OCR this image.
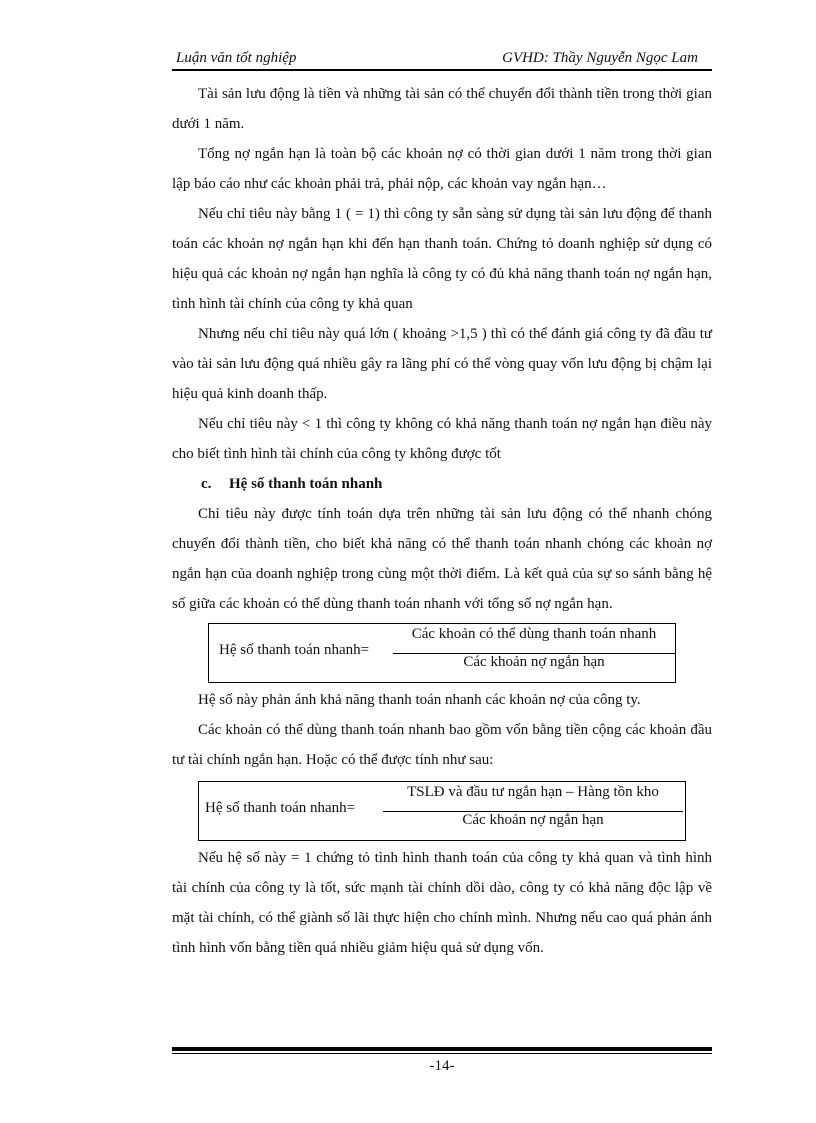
Luận văn tốt nghiệp	GVHD: Thầy Nguyễn Ngọc Lam

Tài sản lưu động là tiền và những tài sản có thể chuyển đổi thành tiền trong thời gian dưới 1 năm.

Tổng nợ ngắn hạn là toàn bộ các khoản nợ có thời gian dưới 1 năm trong thời gian lập báo cáo như các khoản phải trả, phải nộp, các khoản vay ngắn hạn…

Nếu chỉ tiêu này bằng 1 ( = 1) thì công ty sẵn sàng sử dụng tài sản lưu động để thanh toán các khoản nợ ngắn hạn khi đến hạn thanh toán. Chứng tỏ doanh nghiệp sử dụng có hiệu quả các khoản nợ ngắn hạn nghĩa là công ty có đủ khả năng thanh toán nợ ngắn hạn, tình hình tài chính của công ty khả quan

Nhưng nếu chỉ tiêu này quá lớn ( khoảng >1,5 ) thì có thể đánh giá công ty đã đầu tư vào tài sản lưu động quá nhiều gây ra lãng phí có thể vòng quay vốn lưu động bị chậm lại hiệu quả kinh doanh thấp.

Nếu chỉ tiêu này < 1 thì công ty không có khả năng thanh toán nợ ngắn hạn điều này cho biết tình hình tài chính của công ty không được tốt

c. Hệ số thanh toán nhanh

Chỉ tiêu này được tính toán dựa trên những tài sản lưu động có thể nhanh chóng chuyển đổi thành tiền, cho biết khả năng có thể thanh toán nhanh chóng các khoản nợ ngắn hạn của doanh nghiệp trong cùng một thời điểm. Là kết quả của sự so sánh bằng hệ số giữa các khoản có thể dùng thanh toán nhanh với tổng số nợ ngắn hạn.

Hệ số thanh toán nhanh=
Các khoản có thể dùng thanh toán nhanh
Các khoản nợ ngắn hạn

Hệ số này phản ánh khả năng thanh toán nhanh các khoản nợ của công ty.

Các khoản có thể dùng thanh toán nhanh bao gồm vốn bằng tiền cộng các khoản đầu tư tài chính ngắn hạn. Hoặc có thể được tính như sau:

Hệ số thanh toán nhanh=
TSLĐ và đầu tư ngắn hạn – Hàng tồn kho
Các khoản nợ ngắn hạn

Nếu hệ số này = 1 chứng tỏ tình hình thanh toán của công ty khả quan và tình hình tài chính của công ty là tốt, sức mạnh tài chính dồi dào, công ty có khả năng độc lập về mặt tài chính, có thể giành số lãi thực hiện cho chính mình. Nhưng nếu cao quá phản ánh tình hình vốn bằng tiền quá nhiều giảm hiệu quả sử dụng vốn.

-14-
